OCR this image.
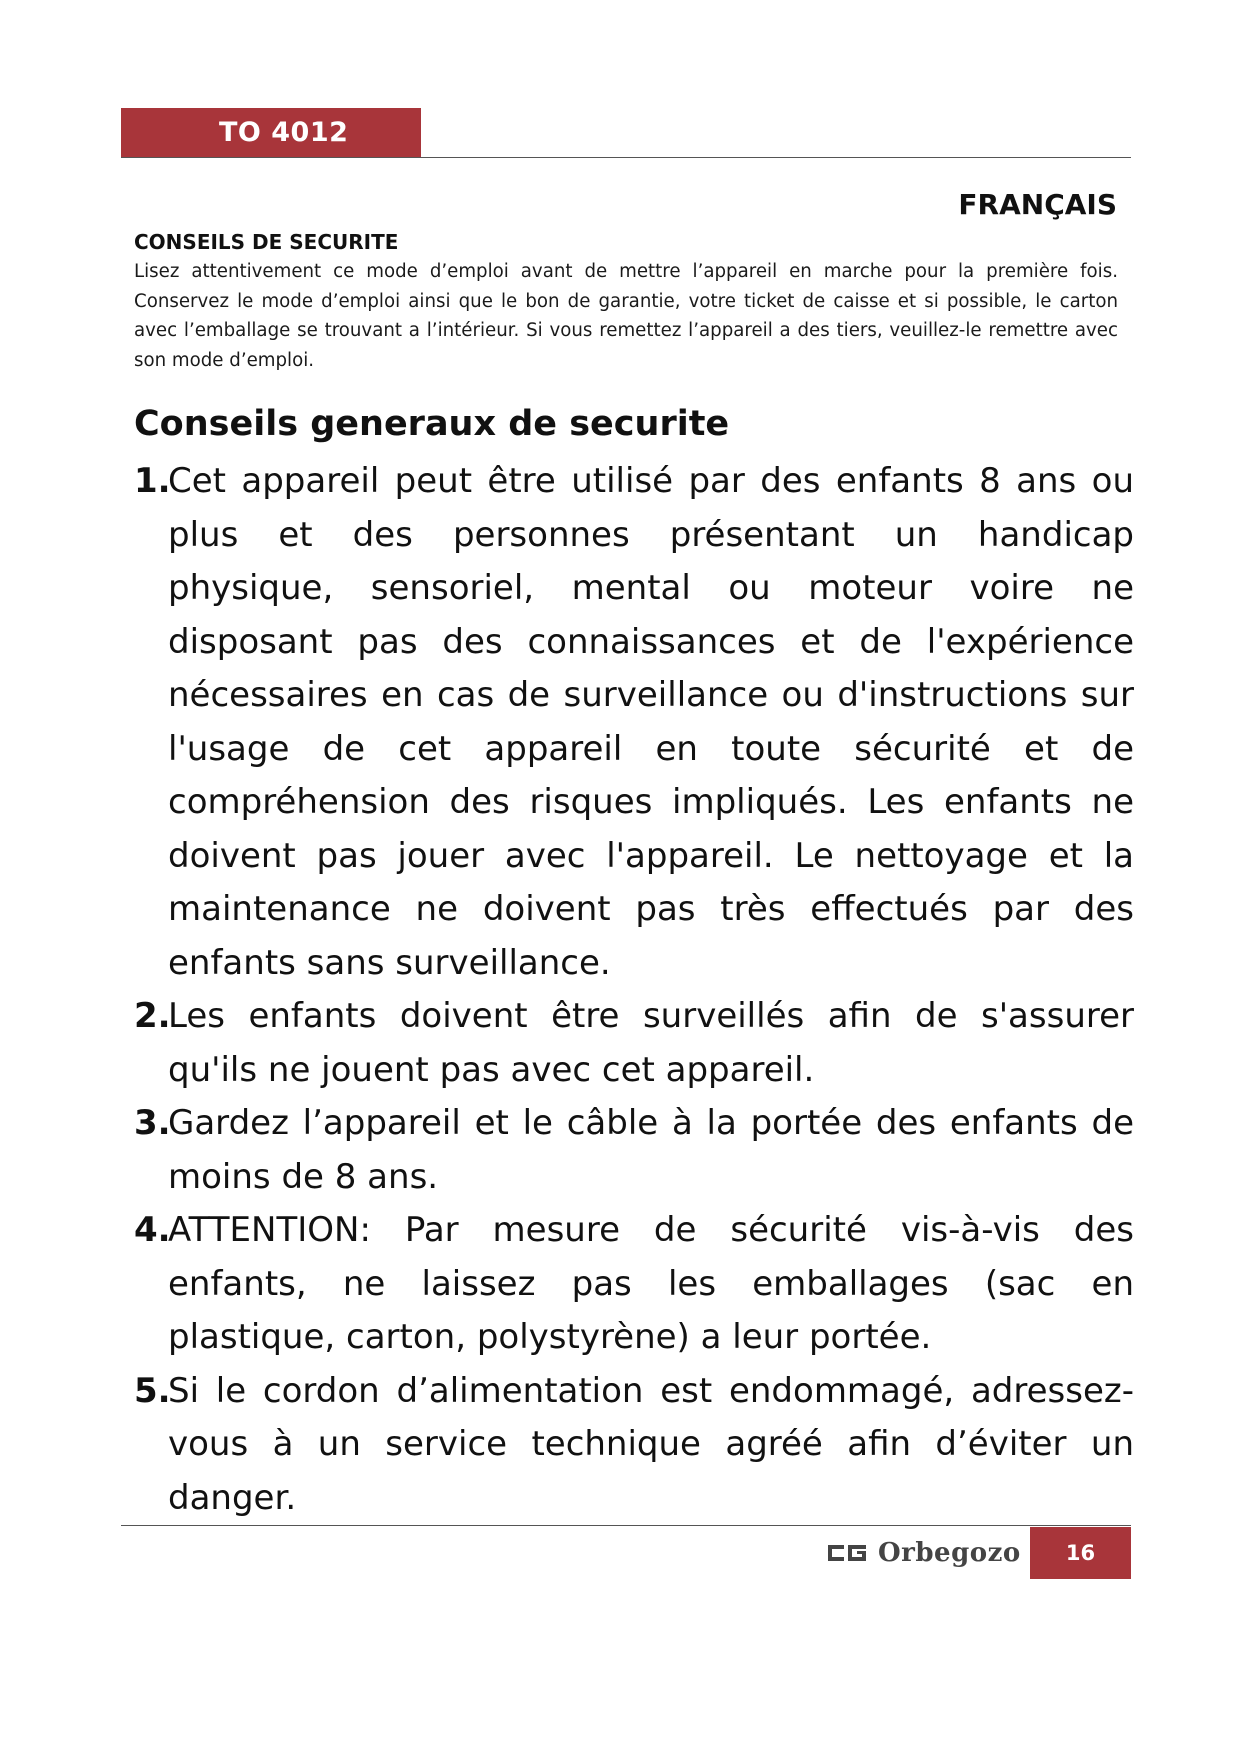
TO 4012
FRANÇAIS
CONSEILS DE SECURITE
Lisez attentivement ce mode d’emploi avant de mettre l’appareil en marche pour la première fois. Conservez le mode d’emploi ainsi que le bon de garantie, votre ticket de caisse et si possible, le carton avec l’emballage se trouvant a l’intérieur. Si vous remettez l’appareil a des tiers, veuillez-le remettre avec son mode d’emploi.
Conseils generaux de securite
1.
Cet appareil peut être utilisé par des enfants 8 ans ou plus et des personnes présentant un handicap physique, sensoriel, mental ou moteur voire ne disposant pas des connaissances et de l'expérience nécessaires en cas de surveillance ou d'instructions sur l'usage de cet appareil en toute sécurité et de compréhension des risques impliqués. Les enfants ne doivent pas jouer avec l'appareil. Le nettoyage et la maintenance ne doivent pas très effectués par des enfants sans surveillance.
2.
Les enfants doivent être surveillés afin de s'assurer qu'ils ne jouent pas avec cet appareil.
3.
Gardez l’appareil et le câble à la portée des enfants de moins de 8 ans.
4.
ATTENTION: Par mesure de sécurité vis-à-vis des enfants, ne laissez pas les emballages (sac en plastique, carton, polystyrène) a leur portée.
5.
Si le cordon d’alimentation est endommagé, adressez-vous à un service technique agréé afin d’éviter un danger.
Orbegozo	16
